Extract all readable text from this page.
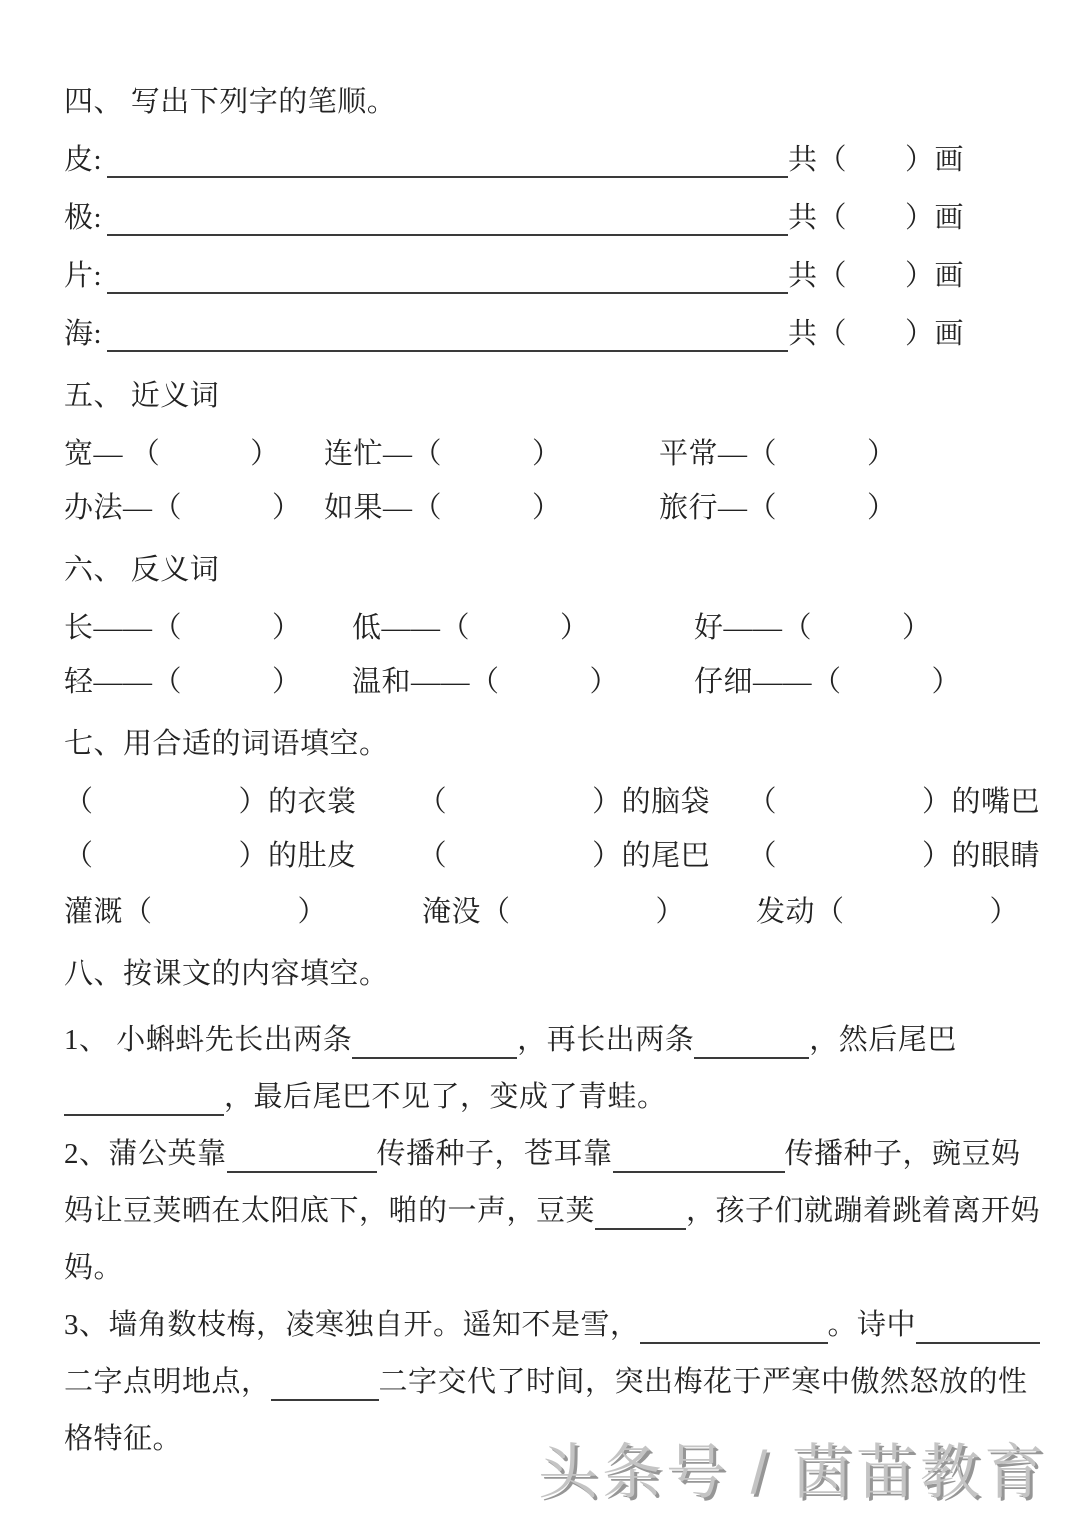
四、 写出下列字的笔顺。
皮:	共（ ）画
极:	共（ ）画
片:	共（ ）画
海:	共（ ）画
五、 近义词
宽— （	）	连忙—（	）	平常—（	）
办法—（	） 如果—（	）	旅行—（	）
六、 反义词
长——（	）	低——（	）	好——（	）
轻——（	）	温和——（	）	仔细——（	）
七、用合适的词语填空。
（	）的衣裳	（	）的脑袋	（	）的嘴巴
（	）的肚皮	（	）的尾巴	（	）的眼睛
灌溉（	）	淹没（	）	发动（	）
八、按课文的内容填空。
1、 小蝌蚪先长出两条	，再长出两条	，然后尾巴
，最后尾巴不见了，变成了青蛙。
2、蒲公英靠	传播种子，苍耳靠	传播种子，豌豆妈
妈让豆荚晒在太阳底下，啪的一声，豆荚	，孩子们就蹦着跳着离开妈
妈。
3、墙角数枝梅，凌寒独自开。遥知不是雪，	。诗中
二字点明地点，	二字交代了时间，突出梅花于严寒中傲然怒放的性
格特征。	头条号 / 茵苗教育
